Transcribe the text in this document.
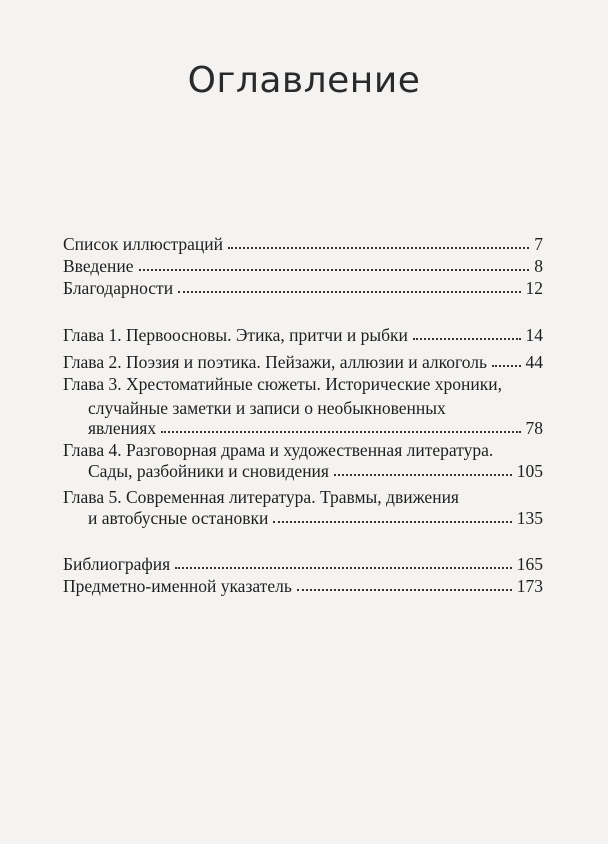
Оглавление
Список иллюстраций	7
Введение	8
Благодарности	12
Глава 1. Первоосновы. Этика, притчи и рыбки	14
Глава 2. Поэзия и поэтика. Пейзажи, аллюзии и алкоголь 44
Глава 3. Хрестоматийные сюжеты. Исторические хроники,
случайные заметки и записи о необыкновенных
явлениях	78
Глава 4. Разговорная драма и художественная литература.
Сады, разбойники и сновидения	105
Глава 5. Современная литература. Травмы, движения
и автобусные остановки	135
Библиография	165
Предметно-именной указатель	173
